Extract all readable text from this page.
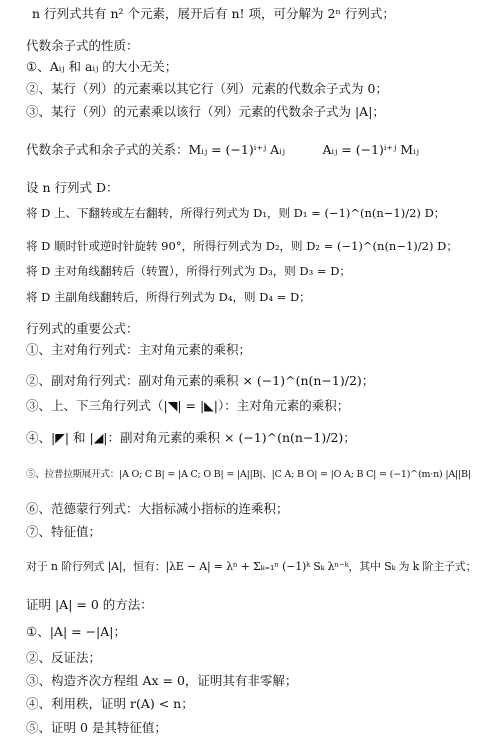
n 行列式共有 n² 个元素，展开后有 n! 项，可分解为 2ⁿ 行列式；
代数余子式的性质：
①、Aᵢⱼ 和 aᵢⱼ 的大小无关；
②、某行（列）的元素乘以其它行（列）元素的代数余子式为 0；
③、某行（列）的元素乘以该行（列）元素的代数余子式为 |A|；
代数余子式和余子式的关系：Mᵢⱼ = (−1)ⁱ⁺ʲ Aᵢⱼ　　　Aᵢⱼ = (−1)ⁱ⁺ʲ Mᵢⱼ
设 n 行列式 D：
将 D 上、下翻转或左右翻转，所得行列式为 D₁，则 D₁ = (−1)^(n(n−1)/2) D；
将 D 顺时针或逆时针旋转 90°，所得行列式为 D₂，则 D₂ = (−1)^(n(n−1)/2) D；
将 D 主对角线翻转后（转置），所得行列式为 D₃，则 D₃ = D；
将 D 主副角线翻转后，所得行列式为 D₄，则 D₄ = D；
行列式的重要公式：
①、主对角行列式：主对角元素的乘积；
②、副对角行列式：副对角元素的乘积 × (−1)^(n(n−1)/2)；
③、上、下三角行列式（|◥| = |◣|）：主对角元素的乘积；
④、|◤| 和 |◢|：副对角元素的乘积 × (−1)^(n(n−1)/2)；
⑤、拉普拉斯展开式：|A O; C B| = |A C; O B| = |A||B|、|C A; B O| = |O A; B C| = (−1)^(m·n) |A||B|
⑥、范德蒙行列式：大指标减小指标的连乘积；
⑦、特征值；
对于 n 阶行列式 |A|，恒有：|λE − A| = λⁿ + Σₖ₌₁ⁿ (−1)ᵏ Sₖ λⁿ⁻ᵏ，其中 Sₖ 为 k 阶主子式；
证明 |A| = 0 的方法：
①、|A| = −|A|；
②、反证法；
③、构造齐次方程组 Ax = 0，证明其有非零解；
④、利用秩，证明 r(A) < n；
⑤、证明 0 是其特征值；
